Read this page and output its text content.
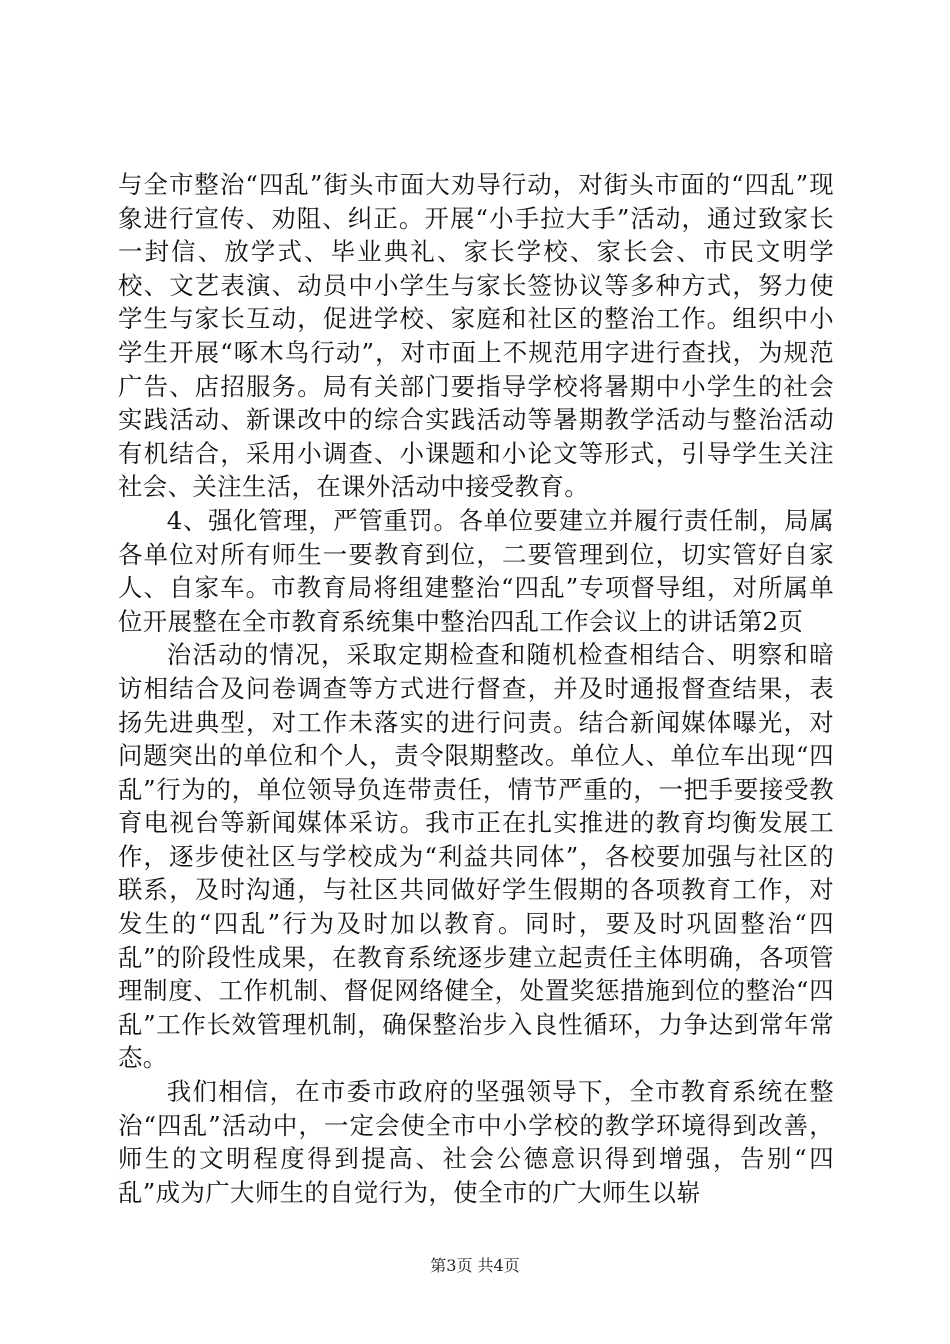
与全市整治“四乱”街头市面大劝导行动，对街头市面的“四乱”现象进行宣传、劝阻、纠正。开展“小手拉大手”活动，通过致家长一封信、放学式、毕业典礼、家长学校、家长会、市民文明学校、文艺表演、动员中小学生与家长签协议等多种方式，努力使学生与家长互动，促进学校、家庭和社区的整治工作。组织中小学生开展“啄木鸟行动”，对市面上不规范用字进行查找，为规范广告、店招服务。局有关部门要指导学校将暑期中小学生的社会实践活动、新课改中的综合实践活动等暑期教学活动与整治活动有机结合，采用小调查、小课题和小论文等形式，引导学生关注社会、关注生活，在课外活动中接受教育。

4、强化管理，严管重罚。各单位要建立并履行责任制，局属各单位对所有师生一要教育到位，二要管理到位，切实管好自家人、自家车。市教育局将组建整治“四乱”专项督导组，对所属单位开展整在全市教育系统集中整治四乱工作会议上的讲话第2页

治活动的情况，采取定期检查和随机检查相结合、明察和暗访相结合及问卷调查等方式进行督查，并及时通报督查结果，表扬先进典型，对工作未落实的进行问责。结合新闻媒体曝光，对问题突出的单位和个人，责令限期整改。单位人、单位车出现“四乱”行为的，单位领导负连带责任，情节严重的，一把手要接受教育电视台等新闻媒体采访。我市正在扎实推进的教育均衡发展工作，逐步使社区与学校成为“利益共同体”，各校要加强与社区的联系，及时沟通，与社区共同做好学生假期的各项教育工作，对发生的“四乱”行为及时加以教育。同时，要及时巩固整治“四乱”的阶段性成果，在教育系统逐步建立起责任主体明确，各项管理制度、工作机制、督促网络健全，处置奖惩措施到位的整治“四乱”工作长效管理机制，确保整治步入良性循环，力争达到常年常态。

我们相信，在市委市政府的坚强领导下，全市教育系统在整治“四乱”活动中，一定会使全市中小学校的教学环境得到改善，师生的文明程度得到提高、社会公德意识得到增强，告别“四乱”成为广大师生的自觉行为，使全市的广大师生以崭

第3页 共4页
